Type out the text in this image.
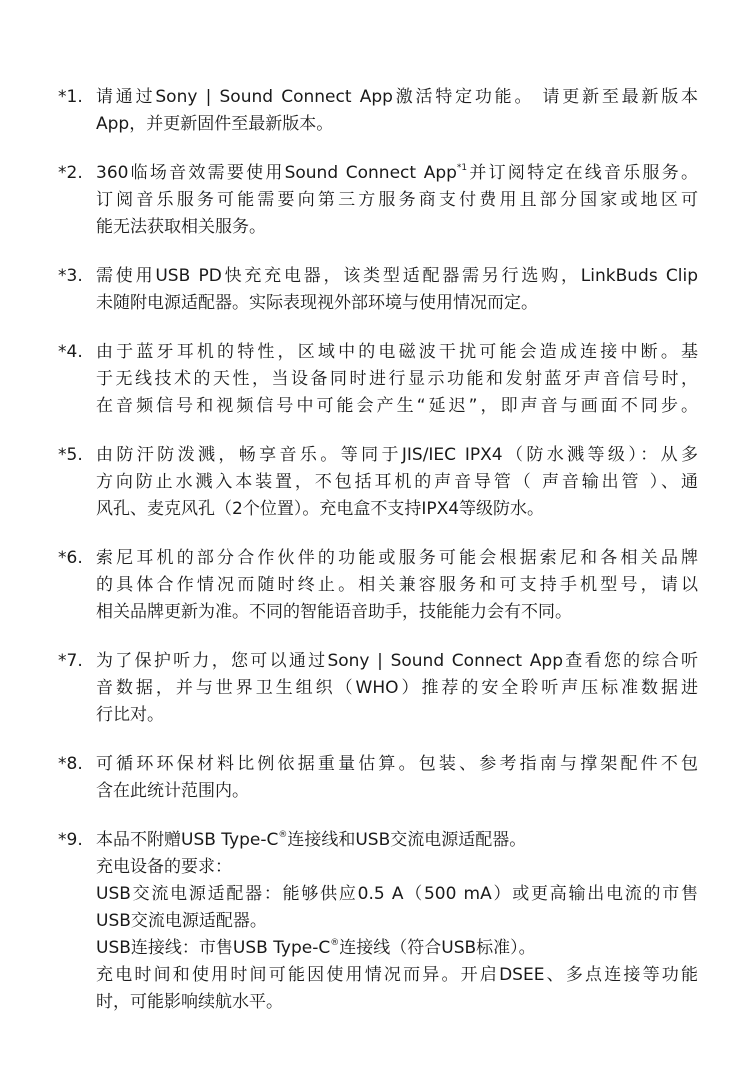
*1. 请通过Sony | Sound Connect App激活特定功能。 请更新至最新版本
App，并更新固件至最新版本。
*2. 360临场音效需要使用Sound Connect App$^{*1}$并订阅特定在线音乐服务。
订阅音乐服务可能需要向第三方服务商支付费用且部分国家或地区可
能无法获取相关服务。
*3. 需使用USB PD快充充电器，该类型适配器需另行选购，LinkBuds Clip
未随附电源适配器。实际表现视外部环境与使用情况而定。
*4. 由于蓝牙耳机的特性，区域中的电磁波干扰可能会造成连接中断。基
于无线技术的天性，当设备同时进行显示功能和发射蓝牙声音信号时，
在音频信号和视频信号中可能会产生“延迟”，即声音与画面不同步。
*5. 由防汗防泼溅，畅享音乐。等同于JIS/IEC IPX4（防水溅等级）：从多
方向防止水溅入本装置，不包括耳机的声音导管（ 声音输出管 ）、通
风孔、麦克风孔（2个位置）。充电盒不支持IPX4等级防水。
*6. 索尼耳机的部分合作伙伴的功能或服务可能会根据索尼和各相关品牌
的具体合作情况而随时终止。相关兼容服务和可支持手机型号，请以
相关品牌更新为准。不同的智能语音助手，技能能力会有不同。
*7. 为了保护听力，您可以通过Sony | Sound Connect App查看您的综合听
音数据，并与世界卫生组织（WHO）推荐的安全聆听声压标准数据进
行比对。
*8. 可循环环保材料比例依据重量估算。包装、参考指南与撑架配件不包
含在此统计范围内。
*9. 本品不附赠USB Type-C®连接线和USB交流电源适配器。
充电设备的要求：
USB交流电源适配器：能够供应0.5 A（500 mA）或更高输出电流的市售
USB交流电源适配器。
USB连接线：市售USB Type-C®连接线（符合USB标准）。
充电时间和使用时间可能因使用情况而异。开启DSEE、多点连接等功能
时，可能影响续航水平。
